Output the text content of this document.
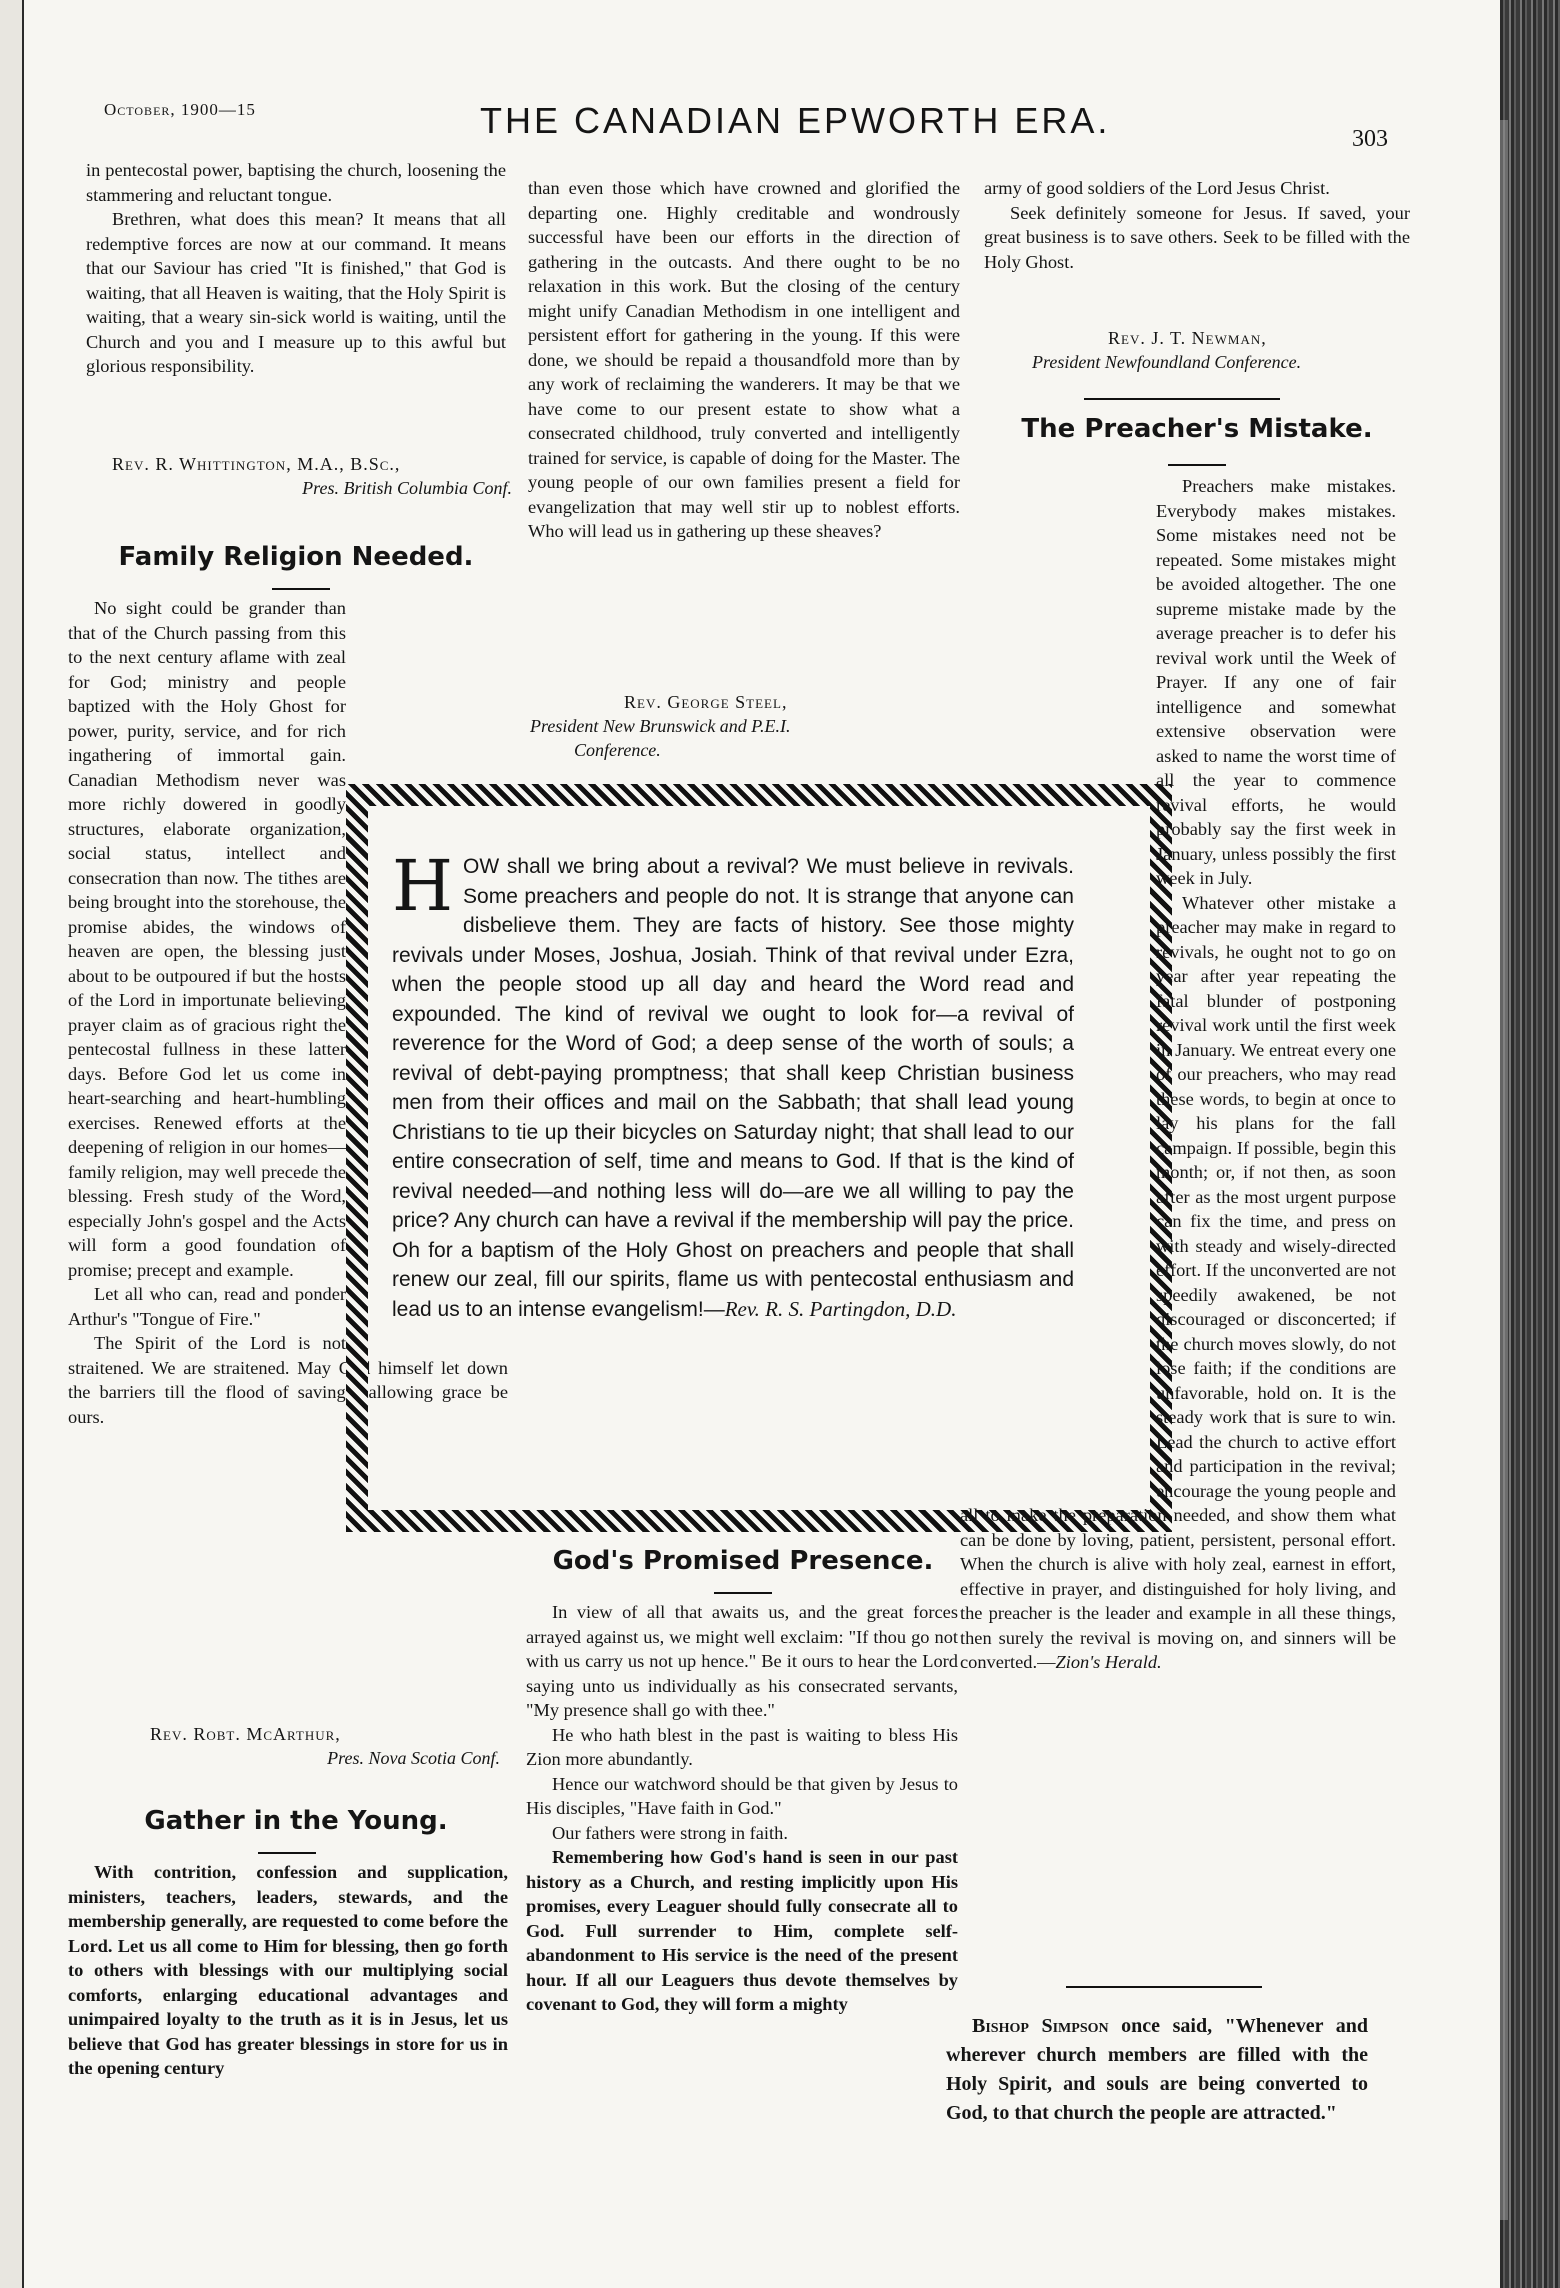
October, 1900—15	THE CANADIAN EPWORTH ERA.	303

in pentecostal power, baptising the church, loosening the stammering and reluctant tongue.

Brethren, what does this mean? It means that all redemptive forces are now at our command. It means that our Saviour has cried "It is finished," that God is waiting, that all Heaven is waiting, that the Holy Spirit is waiting, that a weary sin-sick world is waiting, until the Church and you and I measure up to this awful but glorious responsibility.

Rev. R. Whittington, M.A., B.Sc.,
Pres. British Columbia Conf.
Family Religion Needed.

No sight could be grander than that of the Church passing from this to the next century aflame with zeal for God; ministry and people baptized with the Holy Ghost for power, purity, service, and for rich ingathering of immortal gain. Canadian Methodism never was more richly dowered in goodly structures, elaborate organization, social status, intellect and consecration than now. The tithes are being brought into the storehouse, the promise abides, the windows of heaven are open, the blessing just about to be outpoured if but the hosts of the Lord in importunate believing prayer claim as of gracious right the pentecostal fullness in these latter days. Before God let us come in heart-searching and heart-humbling exercises. Renewed efforts at the deepening of religion in our homes—family religion, may well precede the blessing. Fresh study of the Word, especially John's gospel and the Acts will form a good foundation of promise; precept and example.

Let all who can, read and ponder Arthur's "Tongue of Fire."

The Spirit of the Lord is not straitened. We are straitened. May God himself let down the barriers till the flood of saving, hallowing grace be ours.

Rev. Robt. McArthur,
Pres. Nova Scotia Conf.
Gather in the Young.

With contrition, confession and supplication, ministers, teachers, leaders, stewards, and the membership generally, are requested to come before the Lord. Let us all come to Him for blessing, then go forth to others with blessings with our multiplying social comforts, enlarging educational advantages and unimpaired loyalty to the truth as it is in Jesus, let us believe that God has greater blessings in store for us in the opening century

than even those which have crowned and glorified the departing one. Highly creditable and wondrously successful have been our efforts in the direction of gathering in the outcasts. And there ought to be no relaxation in this work. But the closing of the century might unify Canadian Methodism in one intelligent and persistent effort for gathering in the young. If this were done, we should be repaid a thousandfold more than by any work of reclaiming the wanderers. It may be that we have come to our present estate to show what a consecrated childhood, truly converted and intelligently trained for service, is capable of doing for the Master. The young people of our own families present a field for evangelization that may well stir up to noblest efforts. Who will lead us in gathering up these sheaves?

Rev. George Steel,
President New Brunswick and P.E.I.
Conference.
H OW shall we bring about a revival? We must believe in revivals. Some preachers and people do not. It is strange that anyone can disbelieve them. They are facts of history. See those mighty revivals under Moses, Joshua, Josiah. Think of that revival under Ezra, when the people stood up all day and heard the Word read and expounded. The kind of revival we ought to look for—a revival of reverence for the Word of God; a deep sense of the worth of souls; a revival of debt-paying promptness; that shall keep Christian business men from their offices and mail on the Sabbath; that shall lead young Christians to tie up their bicycles on Saturday night; that shall lead to our entire consecration of self, time and means to God. If that is the kind of revival needed—and nothing less will do—are we all willing to pay the price? Any church can have a revival if the membership will pay the price. Oh for a baptism of the Holy Ghost on preachers and people that shall renew our zeal, fill our spirits, flame us with pentecostal enthusiasm and lead us to an intense evangelism!—Rev. R. S. Partingdon, D.D.
God's Promised Presence.

In view of all that awaits us, and the great forces arrayed against us, we might well exclaim: "If thou go not with us carry us not up hence." Be it ours to hear the Lord saying unto us individually as his consecrated servants, "My presence shall go with thee."

He who hath blest in the past is waiting to bless His Zion more abundantly.

Hence our watchword should be that given by Jesus to His disciples, "Have faith in God."

Our fathers were strong in faith.

Remembering how God's hand is seen in our past history as a Church, and resting implicitly upon His promises, every Leaguer should fully consecrate all to God. Full surrender to Him, complete self-abandonment to His service is the need of the present hour. If all our Leaguers thus devote themselves by covenant to God, they will form a mighty

army of good soldiers of the Lord Jesus Christ.

Seek definitely someone for Jesus. If saved, your great business is to save others. Seek to be filled with the Holy Ghost.

Rev. J. T. Newman,
President Newfoundland Conference.
The Preacher's Mistake.

Preachers make mistakes. Everybody makes mistakes. Some mistakes need not be repeated. Some mistakes might be avoided altogether. The one supreme mistake made by the average preacher is to defer his revival work until the Week of Prayer. If any one of fair intelligence and somewhat extensive observation were asked to name the worst time of all the year to commence revival efforts, he would probably say the first week in January, unless possibly the first week in July.

Whatever other mistake a preacher may make in regard to revivals, he ought not to go on year after year repeating the fatal blunder of postponing revival work until the first week in January. We entreat every one of our preachers, who may read these words, to begin at once to lay his plans for the fall campaign. If possible, begin this month; or, if not then, as soon after as the most urgent purpose can fix the time, and press on with steady and wisely-directed effort. If the unconverted are not speedily awakened, be not discouraged or disconcerted; if the church moves slowly, do not lose faith; if the conditions are unfavorable, hold on. It is the steady work that is sure to win. Lead the church to active effort and participation in the revival; encourage the young people and all to make the preparation needed, and show them what can be done by loving, patient, persistent, personal effort. When the church is alive with holy zeal, earnest in effort, effective in prayer, and distinguished for holy living, and the preacher is the leader and example in all these things, then surely the revival is moving on, and sinners will be converted.—Zion's Herald.

Bishop Simpson once said, "Whenever and wherever church members are filled with the Holy Spirit, and souls are being converted to God, to that church the people are attracted."
